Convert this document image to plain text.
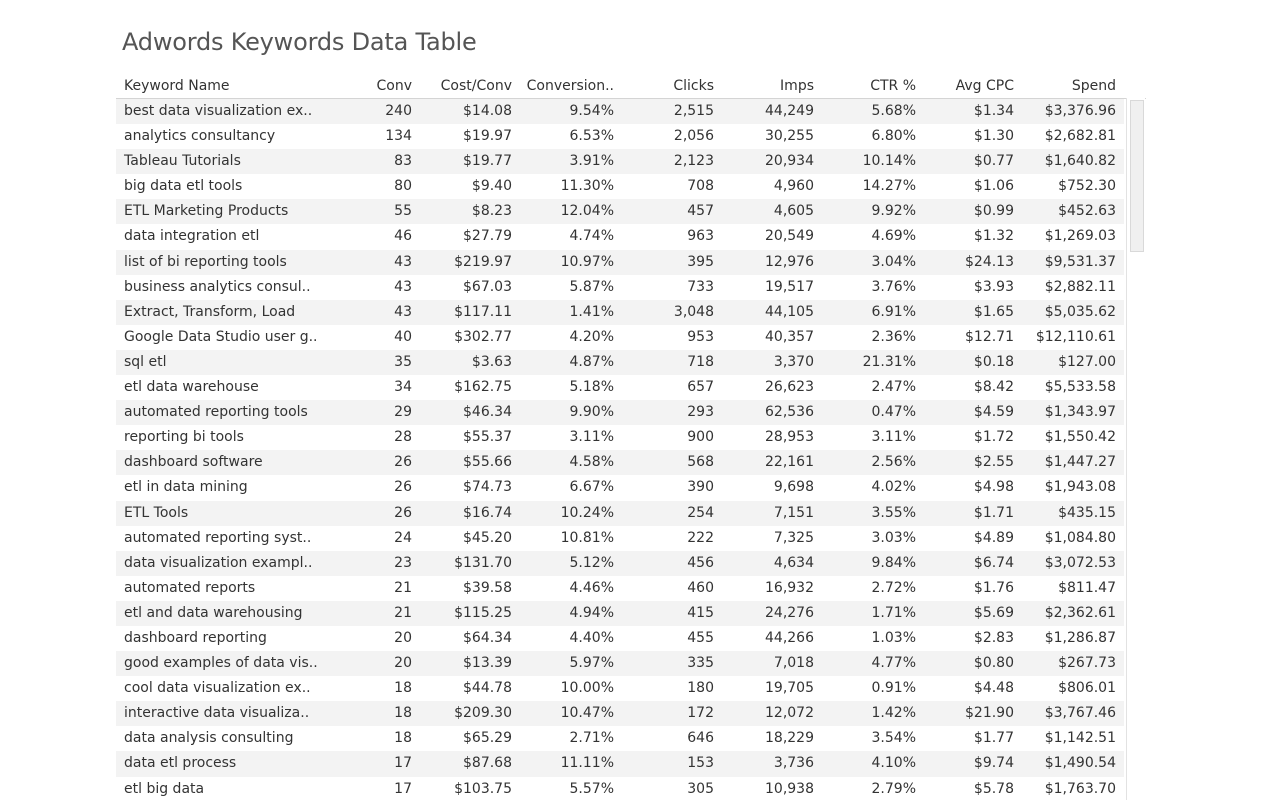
Adwords Keywords Data Table
Keyword Name	Conv	Cost/Conv	Conversion..	Clicks	Imps	CTR %	Avg CPC	Spend
best data visualization ex..	240	$14.08	9.54%	2,515	44,249	5.68%	$1.34	$3,376.96
analytics consultancy	134	$19.97	6.53%	2,056	30,255	6.80%	$1.30	$2,682.81
Tableau Tutorials	83	$19.77	3.91%	2,123	20,934	10.14%	$0.77	$1,640.82
big data etl tools	80	$9.40	11.30%	708	4,960	14.27%	$1.06	$752.30
ETL Marketing Products	55	$8.23	12.04%	457	4,605	9.92%	$0.99	$452.63
data integration etl	46	$27.79	4.74%	963	20,549	4.69%	$1.32	$1,269.03
list of bi reporting tools	43	$219.97	10.97%	395	12,976	3.04%	$24.13	$9,531.37
business analytics consul..	43	$67.03	5.87%	733	19,517	3.76%	$3.93	$2,882.11
Extract, Transform, Load	43	$117.11	1.41%	3,048	44,105	6.91%	$1.65	$5,035.62
Google Data Studio user g..	40	$302.77	4.20%	953	40,357	2.36%	$12.71	$12,110.61
sql etl	35	$3.63	4.87%	718	3,370	21.31%	$0.18	$127.00
etl data warehouse	34	$162.75	5.18%	657	26,623	2.47%	$8.42	$5,533.58
automated reporting tools	29	$46.34	9.90%	293	62,536	0.47%	$4.59	$1,343.97
reporting bi tools	28	$55.37	3.11%	900	28,953	3.11%	$1.72	$1,550.42
dashboard software	26	$55.66	4.58%	568	22,161	2.56%	$2.55	$1,447.27
etl in data mining	26	$74.73	6.67%	390	9,698	4.02%	$4.98	$1,943.08
ETL Tools	26	$16.74	10.24%	254	7,151	3.55%	$1.71	$435.15
automated reporting syst..	24	$45.20	10.81%	222	7,325	3.03%	$4.89	$1,084.80
data visualization exampl..	23	$131.70	5.12%	456	4,634	9.84%	$6.74	$3,072.53
automated reports	21	$39.58	4.46%	460	16,932	2.72%	$1.76	$811.47
etl and data warehousing	21	$115.25	4.94%	415	24,276	1.71%	$5.69	$2,362.61
dashboard reporting	20	$64.34	4.40%	455	44,266	1.03%	$2.83	$1,286.87
good examples of data vis..	20	$13.39	5.97%	335	7,018	4.77%	$0.80	$267.73
cool data visualization ex..	18	$44.78	10.00%	180	19,705	0.91%	$4.48	$806.01
interactive data visualiza..	18	$209.30	10.47%	172	12,072	1.42%	$21.90	$3,767.46
data analysis consulting	18	$65.29	2.71%	646	18,229	3.54%	$1.77	$1,142.51
data etl process	17	$87.68	11.11%	153	3,736	4.10%	$9.74	$1,490.54
etl big data	17	$103.75	5.57%	305	10,938	2.79%	$5.78	$1,763.70
